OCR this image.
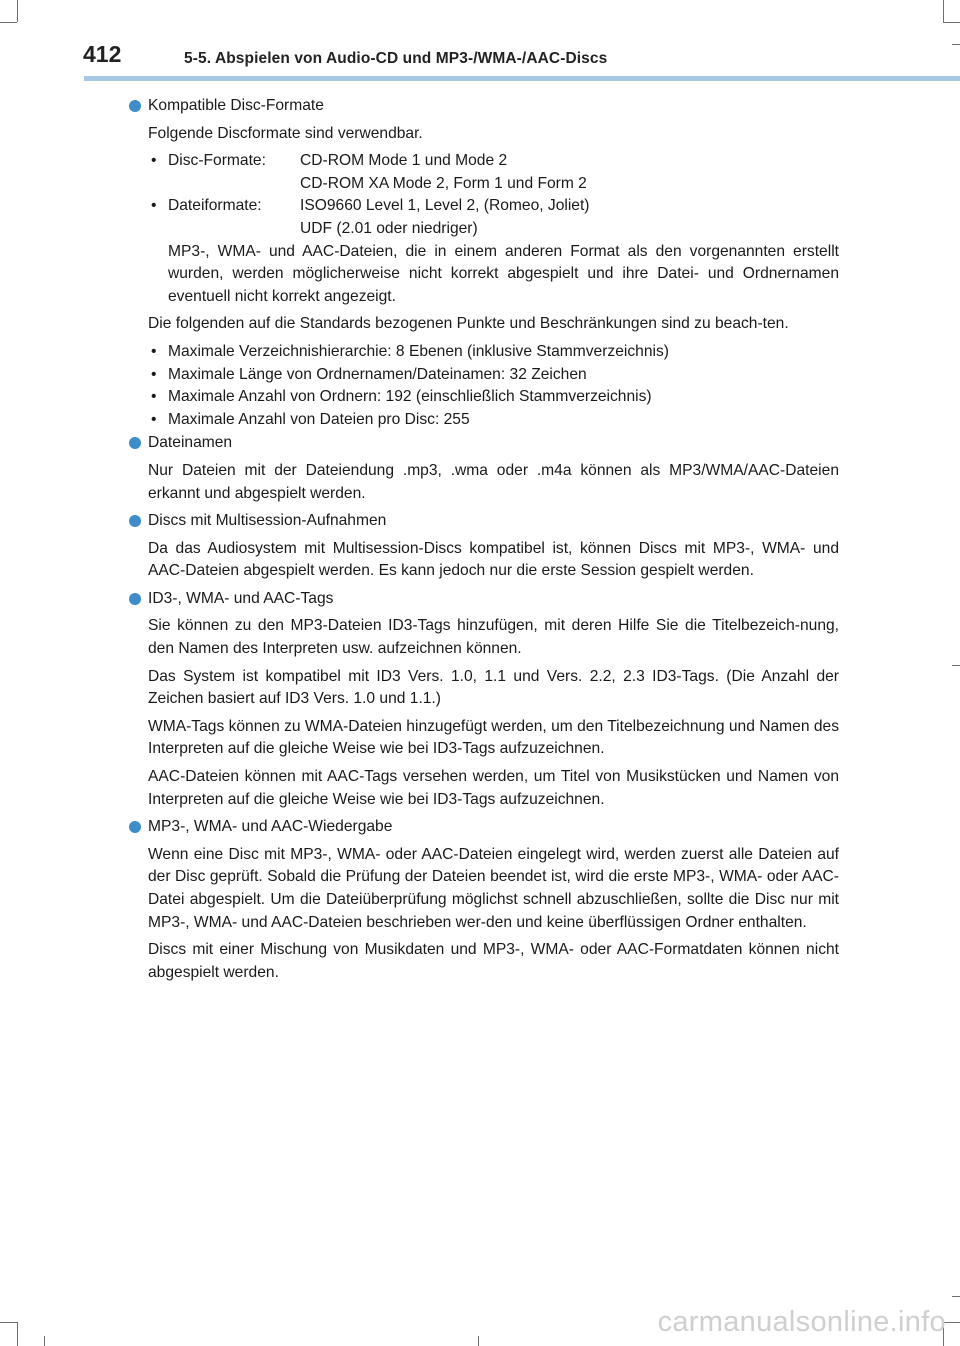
412	5-5. Abspielen von Audio-CD und MP3-/WMA-/AAC-Discs
Kompatible Disc-Formate
Folgende Discformate sind verwendbar.
• Disc-Formate:	CD-ROM Mode 1 und Mode 2
CD-ROM XA Mode 2, Form 1 und Form 2
• Dateiformate:	ISO9660 Level 1, Level 2, (Romeo, Joliet)
UDF (2.01 oder niedriger)
MP3-, WMA- und AAC-Dateien, die in einem anderen Format als den vorgenannten erstellt wurden, werden möglicherweise nicht korrekt abgespielt und ihre Datei- und Ordnernamen eventuell nicht korrekt angezeigt.
Die folgenden auf die Standards bezogenen Punkte und Beschränkungen sind zu beach-ten.
• Maximale Verzeichnishierarchie: 8 Ebenen (inklusive Stammverzeichnis)
• Maximale Länge von Ordnernamen/Dateinamen: 32 Zeichen
• Maximale Anzahl von Ordnern: 192 (einschließlich Stammverzeichnis)
• Maximale Anzahl von Dateien pro Disc: 255
Dateinamen
Nur Dateien mit der Dateiendung .mp3, .wma oder .m4a können als MP3/WMA/AAC-Dateien erkannt und abgespielt werden.
Discs mit Multisession-Aufnahmen
Da das Audiosystem mit Multisession-Discs kompatibel ist, können Discs mit MP3-, WMA- und AAC-Dateien abgespielt werden. Es kann jedoch nur die erste Session gespielt werden.
ID3-, WMA- und AAC-Tags
Sie können zu den MP3-Dateien ID3-Tags hinzufügen, mit deren Hilfe Sie die Titelbezeich-nung, den Namen des Interpreten usw. aufzeichnen können.
Das System ist kompatibel mit ID3 Vers. 1.0, 1.1 und Vers. 2.2, 2.3 ID3-Tags. (Die Anzahl der Zeichen basiert auf ID3 Vers. 1.0 und 1.1.)
WMA-Tags können zu WMA-Dateien hinzugefügt werden, um den Titelbezeichnung und Namen des Interpreten auf die gleiche Weise wie bei ID3-Tags aufzuzeichnen.
AAC-Dateien können mit AAC-Tags versehen werden, um Titel von Musikstücken und Namen von Interpreten auf die gleiche Weise wie bei ID3-Tags aufzuzeichnen.
MP3-, WMA- und AAC-Wiedergabe
Wenn eine Disc mit MP3-, WMA- oder AAC-Dateien eingelegt wird, werden zuerst alle Dateien auf der Disc geprüft. Sobald die Prüfung der Dateien beendet ist, wird die erste MP3-, WMA- oder AAC-Datei abgespielt. Um die Dateiüberprüfung möglichst schnell abzuschließen, sollte die Disc nur mit MP3-, WMA- und AAC-Dateien beschrieben wer-den und keine überflüssigen Ordner enthalten.
Discs mit einer Mischung von Musikdaten und MP3-, WMA- oder AAC-Formatdaten können nicht abgespielt werden.
carmanualsonline.info
